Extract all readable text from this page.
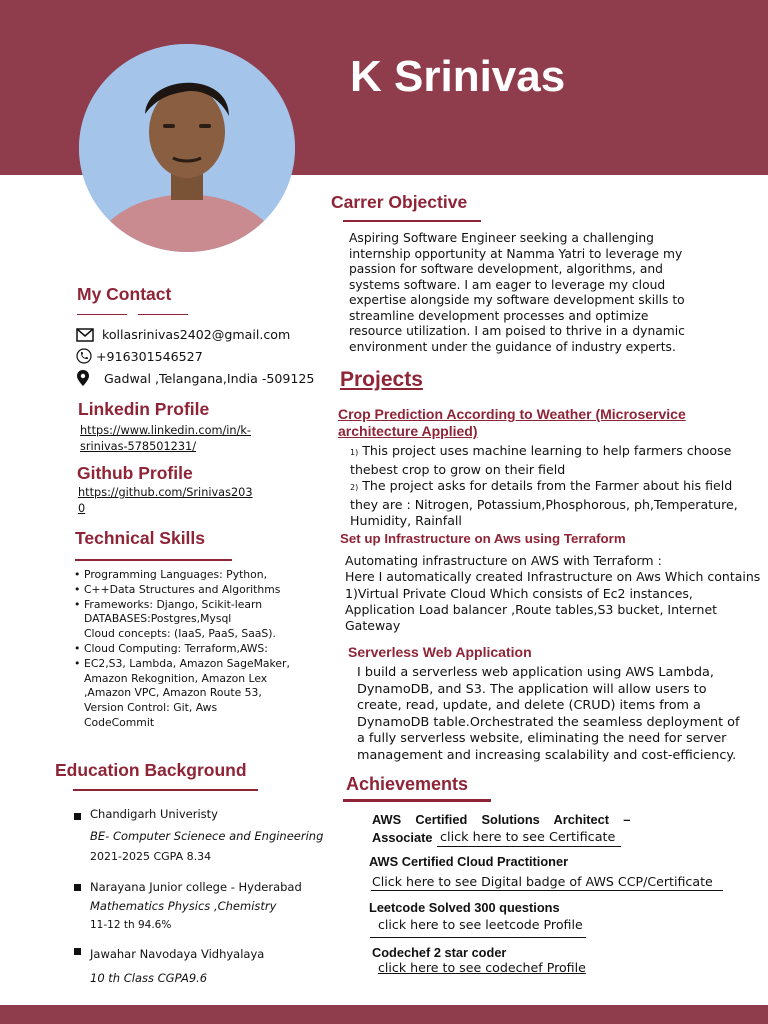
K Srinivas
Carrer Objective
Aspiring Software Engineer seeking a challenging
internship opportunity at Namma Yatri to leverage my
passion for software development, algorithms, and
systems software. I am eager to leverage my cloud
expertise alongside my software development skills to
streamline development processes and optimize
resource utilization. I am poised to thrive in a dynamic
environment under the guidance of industry experts.
My Contact
kollasrinivas2402@gmail.com
+916301546527
Gadwal ,Telangana,India -509125
Linkedin Profile
https://www.linkedin.com/in/k-
srinivas-578501231/
Github Profile
https://github.com/Srinivas203
0
Technical Skills
• Programming Languages: Python,
• C++Data Structures and Algorithms
• Frameworks: Django, Scikit-learn
DATABASES:Postgres,Mysql
Cloud concepts: (IaaS, PaaS, SaaS).
• Cloud Computing: Terraform,AWS:
• EC2,S3, Lambda, Amazon SageMaker,
Amazon Rekognition, Amazon Lex
,Amazon VPC, Amazon Route 53,
Version Control: Git, Aws
CodeCommit
Education Background
Chandigarh Univeristy
BE- Computer Scienece and Engineering
2021-2025 CGPA 8.34
Narayana Junior college - Hyderabad
Mathematics Physics ,Chemistry
11-12 th 94.6%
Jawahar Navodaya Vidhyalaya
10 th Class CGPA9.6
Projects
Crop Prediction According to Weather (Microservice
architecture Applied)
1) This project uses machine learning to help farmers choose
thebest crop to grow on their field
2) The project asks for details from the Farmer about his field
they are : Nitrogen, Potassium,Phosphorous, ph,Temperature,
Humidity, Rainfall
Set up Infrastructure on Aws using Terraform
Automating infrastructure on AWS with Terraform :
Here I automatically created Infrastructure on Aws Which contains
1)Virtual Private Cloud Which consists of Ec2 instances,
Application Load balancer ,Route tables,S3 bucket, Internet
Gateway
Serverless Web Application
I build a serverless web application using AWS Lambda,
DynamoDB, and S3. The application will allow users to
create, read, update, and delete (CRUD) items from a
DynamoDB table.Orchestrated the seamless deployment of
a fully serverless website, eliminating the need for server
management and increasing scalability and cost-efficiency.
Achievements
AWS    Certified    Solutions    Architect    –
Associate click here to see Certificate
AWS Certified Cloud Practitioner
Click here to see Digital badge of AWS CCP/Certificate
Leetcode Solved 300 questions
click here to see leetcode Profile
Codechef 2 star coder
click here to see codechef Profile
